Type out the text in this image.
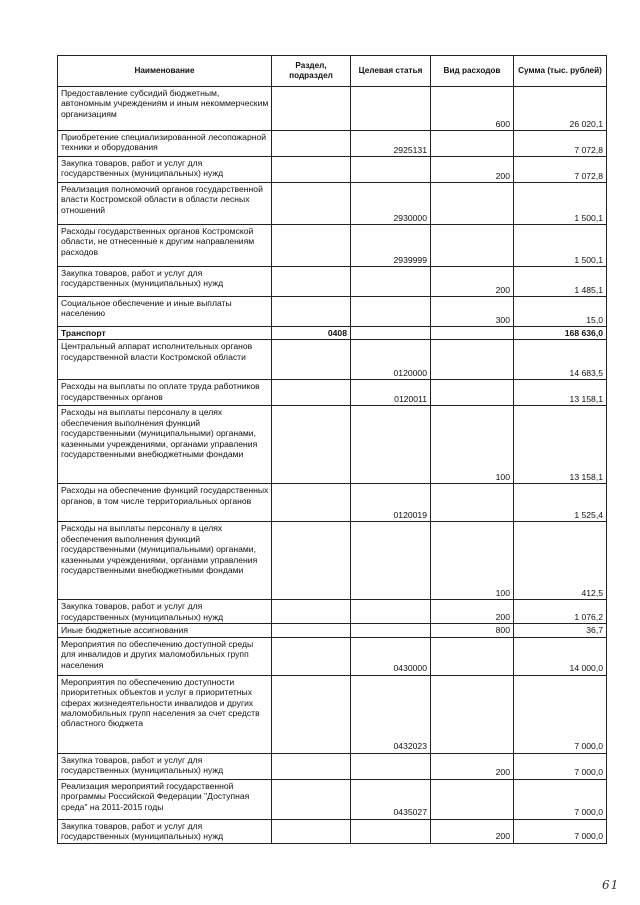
Наименование	Раздел, подраздел	Целевая статья	Вид расходов	Сумма (тыс. рублей)
Предоставление субсидий бюджетным, автономным учреждениям и иным некоммерческим организациям			600	26 020,1
Приобретение специализированной лесопожарной техники и оборудования		2925131		7 072,8
Закупка товаров, работ и услуг для государственных (муниципальных) нужд			200	7 072,8
Реализация полномочий органов государственной власти Костромской области в области лесных отношений		2930000		1 500,1
Расходы государственных органов Костромской области, не отнесенные к другим направлениям расходов		2939999		1 500,1
Закупка товаров, работ и услуг для государственных (муниципальных) нужд			200	1 485,1
Социальное обеспечение и иные выплаты населению			300	15,0
Транспорт	0408			168 636,0
Центральный аппарат исполнительных органов государственной власти Костромской области		0120000		14 683,5
Расходы на выплаты по оплате труда работников государственных органов		0120011		13 158,1
Расходы на выплаты персоналу в целях обеспечения выполнения функций государственными (муниципальными) органами, казенными учреждениями, органами управления государственными внебюджетными фондами			100	13 158,1
Расходы на обеспечение функций государственных органов, в том числе территориальных органов		0120019		1 525,4
Расходы на выплаты персоналу в целях обеспечения выполнения функций государственными (муниципальными) органами, казенными учреждениями, органами управления государственными внебюджетными фондами			100	412,5
Закупка товаров, работ и услуг для государственных (муниципальных) нужд			200	1 076,2
Иные бюджетные ассигнования			800	36,7
Мероприятия по обеспечению доступной среды для инвалидов и других маломобильных групп населения		0430000		14 000,0
Мероприятия по обеспечению доступности приоритетных объектов и услуг в приоритетных сферах жизнедеятельности инвалидов и других маломобильных групп населения за счет средств областного бюджета		0432023		7 000,0
Закупка товаров, работ и услуг для государственных (муниципальных) нужд			200	7 000,0
Реализация мероприятий государственной программы Российской Федерации "Доступная среда" на 2011-2015 годы		0435027		7 000,0
Закупка товаров, работ и услуг для государственных (муниципальных) нужд			200	7 000,0
61
